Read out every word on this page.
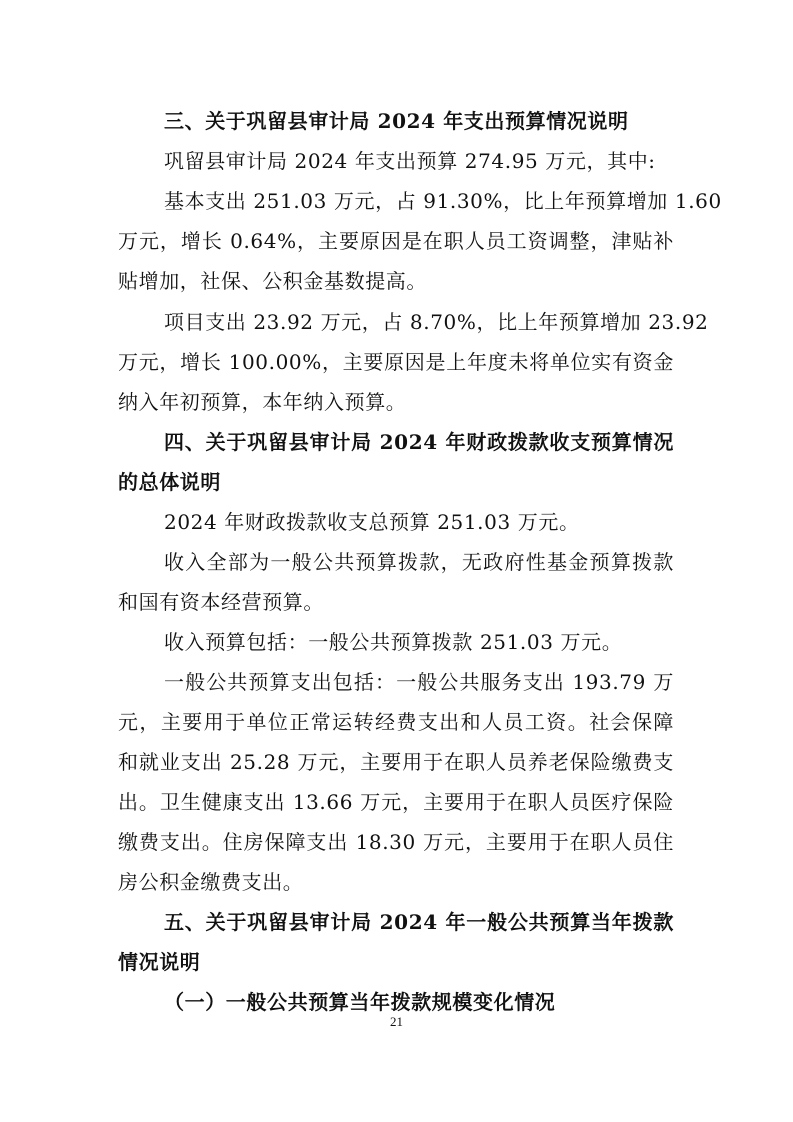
三、关于巩留县审计局 2024 年支出预算情况说明
巩留县审计局 2024 年支出预算 274.95 万元，其中:
基本支出 251.03 万元，占 91.30%，比上年预算增加 1.60
万元，增长 0.64%，主要原因是在职人员工资调整，津贴补
贴增加，社保、公积金基数提高。
项目支出 23.92 万元，占 8.70%，比上年预算增加 23.92
万元，增长 100.00%，主要原因是上年度未将单位实有资金
纳入年初预算，本年纳入预算。
四、关于巩留县审计局 2024 年财政拨款收支预算情况
的总体说明
2024 年财政拨款收支总预算 251.03 万元。
收入全部为一般公共预算拨款，无政府性基金预算拨款
和国有资本经营预算。
收入预算包括：一般公共预算拨款 251.03 万元。
一般公共预算支出包括：一般公共服务支出 193.79 万
元，主要用于单位正常运转经费支出和人员工资。社会保障
和就业支出 25.28 万元，主要用于在职人员养老保险缴费支
出。卫生健康支出 13.66 万元，主要用于在职人员医疗保险
缴费支出。住房保障支出 18.30 万元，主要用于在职人员住
房公积金缴费支出。
五、关于巩留县审计局 2024 年一般公共预算当年拨款
情况说明
（一）一般公共预算当年拨款规模变化情况
21
